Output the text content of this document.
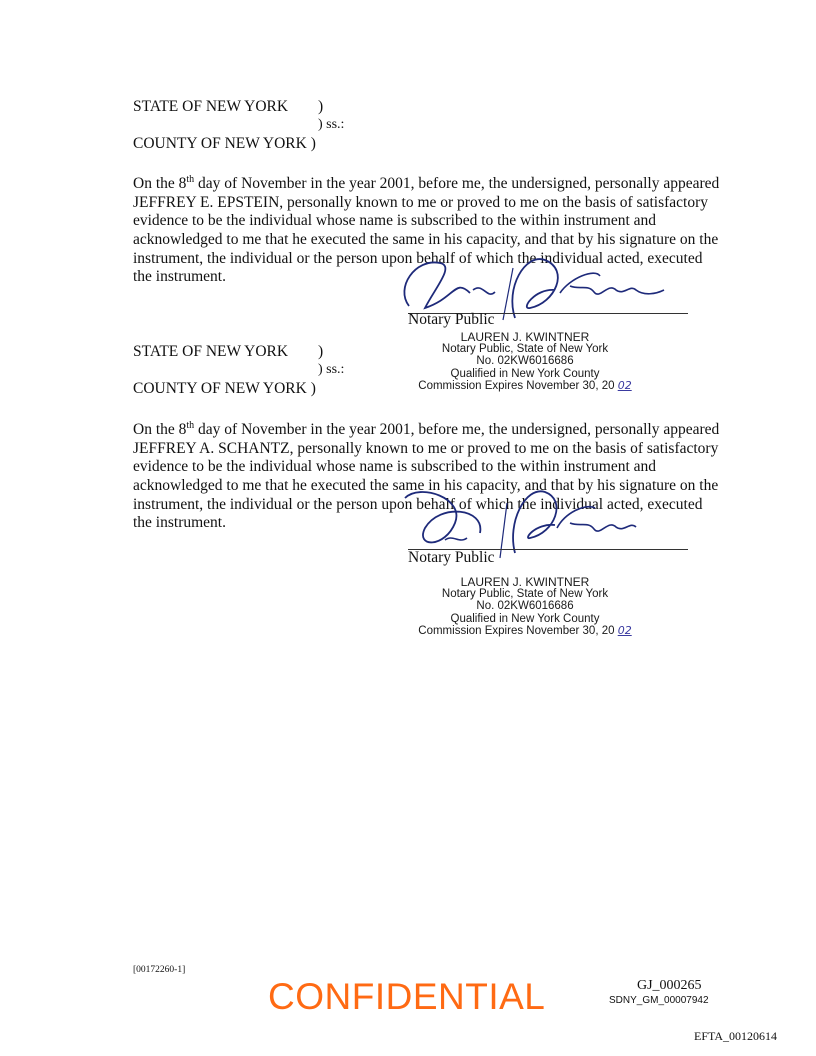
STATE OF NEW YORK )
) ss.:
COUNTY OF NEW YORK )

On the 8th day of November in the year 2001, before me, the undersigned, personally appeared JEFFREY E. EPSTEIN, personally known to me or proved to me on the basis of satisfactory evidence to be the individual whose name is subscribed to the within instrument and acknowledged to me that he executed the same in his capacity, and that by his signature on the instrument, the individual or the person upon behalf of which the individual acted, executed the instrument.

Notary Public
STATE OF NEW YORK )
) ss.:
COUNTY OF NEW YORK )
LAUREN J. KWINTNER
Notary Public, State of New York
No. 02KW6016686
Qualified in New York County
Commission Expires November 30, 20 02

On the 8th day of November in the year 2001, before me, the undersigned, personally appeared JEFFREY A. SCHANTZ, personally known to me or proved to me on the basis of satisfactory evidence to be the individual whose name is subscribed to the within instrument and acknowledged to me that he executed the same in his capacity, and that by his signature on the instrument, the individual or the person upon behalf of which the individual acted, executed the instrument.

Notary Public
LAUREN J. KWINTNER
Notary Public, State of New York
No. 02KW6016686
Qualified in New York County
Commission Expires November 30, 20 02
[00172260-1]
CONFIDENTIAL	GJ_000265
SDNY_GM_00007942
EFTA_00120614
